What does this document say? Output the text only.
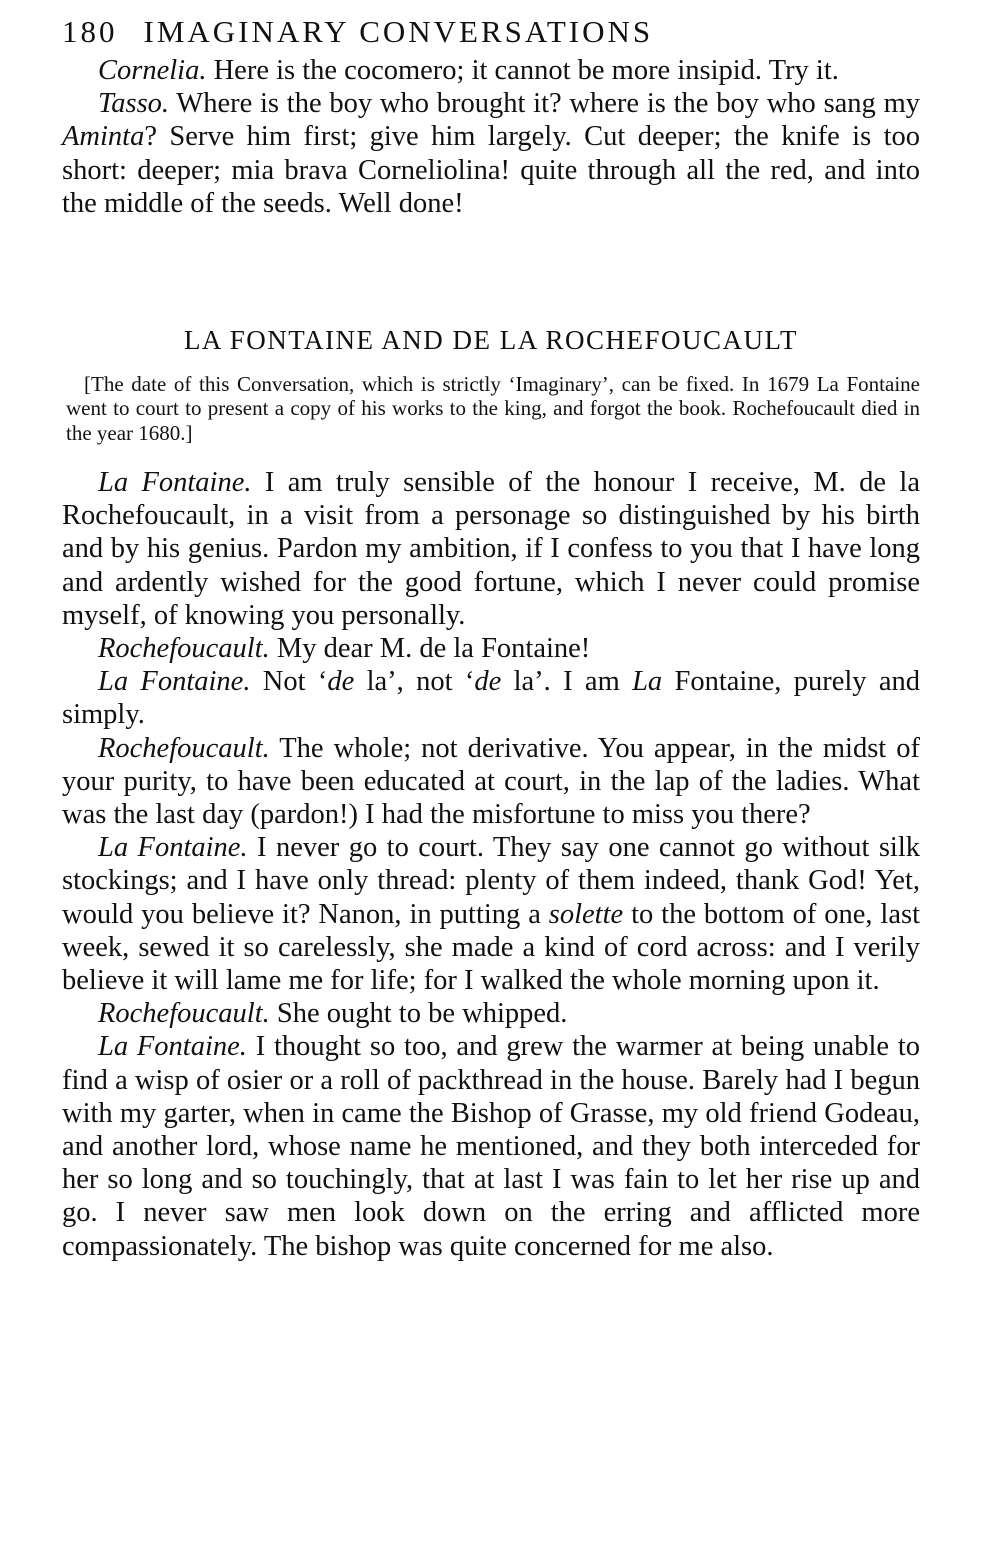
180 IMAGINARY CONVERSATIONS

Cornelia. Here is the cocomero; it cannot be more insipid. Try it.

Tasso. Where is the boy who brought it? where is the boy who sang my Aminta? Serve him first; give him largely. Cut deeper; the knife is too short: deeper; mia brava Corneliolina! quite through all the red, and into the middle of the seeds. Well done!

LA FONTAINE AND DE LA ROCHEFOUCAULT
[The date of this Conversation, which is strictly ‘Imaginary’, can be fixed. In 1679 La Fontaine went to court to present a copy of his works to the king, and forgot the book. Rochefoucault died in the year 1680.]

La Fontaine. I am truly sensible of the honour I receive, M. de la Rochefoucault, in a visit from a personage so distinguished by his birth and by his genius. Pardon my ambition, if I confess to you that I have long and ardently wished for the good fortune, which I never could promise myself, of knowing you personally.

Rochefoucault. My dear M. de la Fontaine!

La Fontaine. Not ‘de la’, not ‘de la’. I am La Fontaine, purely and simply.

Rochefoucault. The whole; not derivative. You appear, in the midst of your purity, to have been educated at court, in the lap of the ladies. What was the last day (pardon!) I had the misfortune to miss you there?

La Fontaine. I never go to court. They say one cannot go without silk stockings; and I have only thread: plenty of them indeed, thank God! Yet, would you believe it? Nanon, in putting a solette to the bottom of one, last week, sewed it so carelessly, she made a kind of cord across: and I verily believe it will lame me for life; for I walked the whole morning upon it.

Rochefoucault. She ought to be whipped.

La Fontaine. I thought so too, and grew the warmer at being unable to find a wisp of osier or a roll of packthread in the house. Barely had I begun with my garter, when in came the Bishop of Grasse, my old friend Godeau, and another lord, whose name he mentioned, and they both interceded for her so long and so touchingly, that at last I was fain to let her rise up and go. I never saw men look down on the erring and afflicted more compassionately. The bishop was quite concerned for me also.
